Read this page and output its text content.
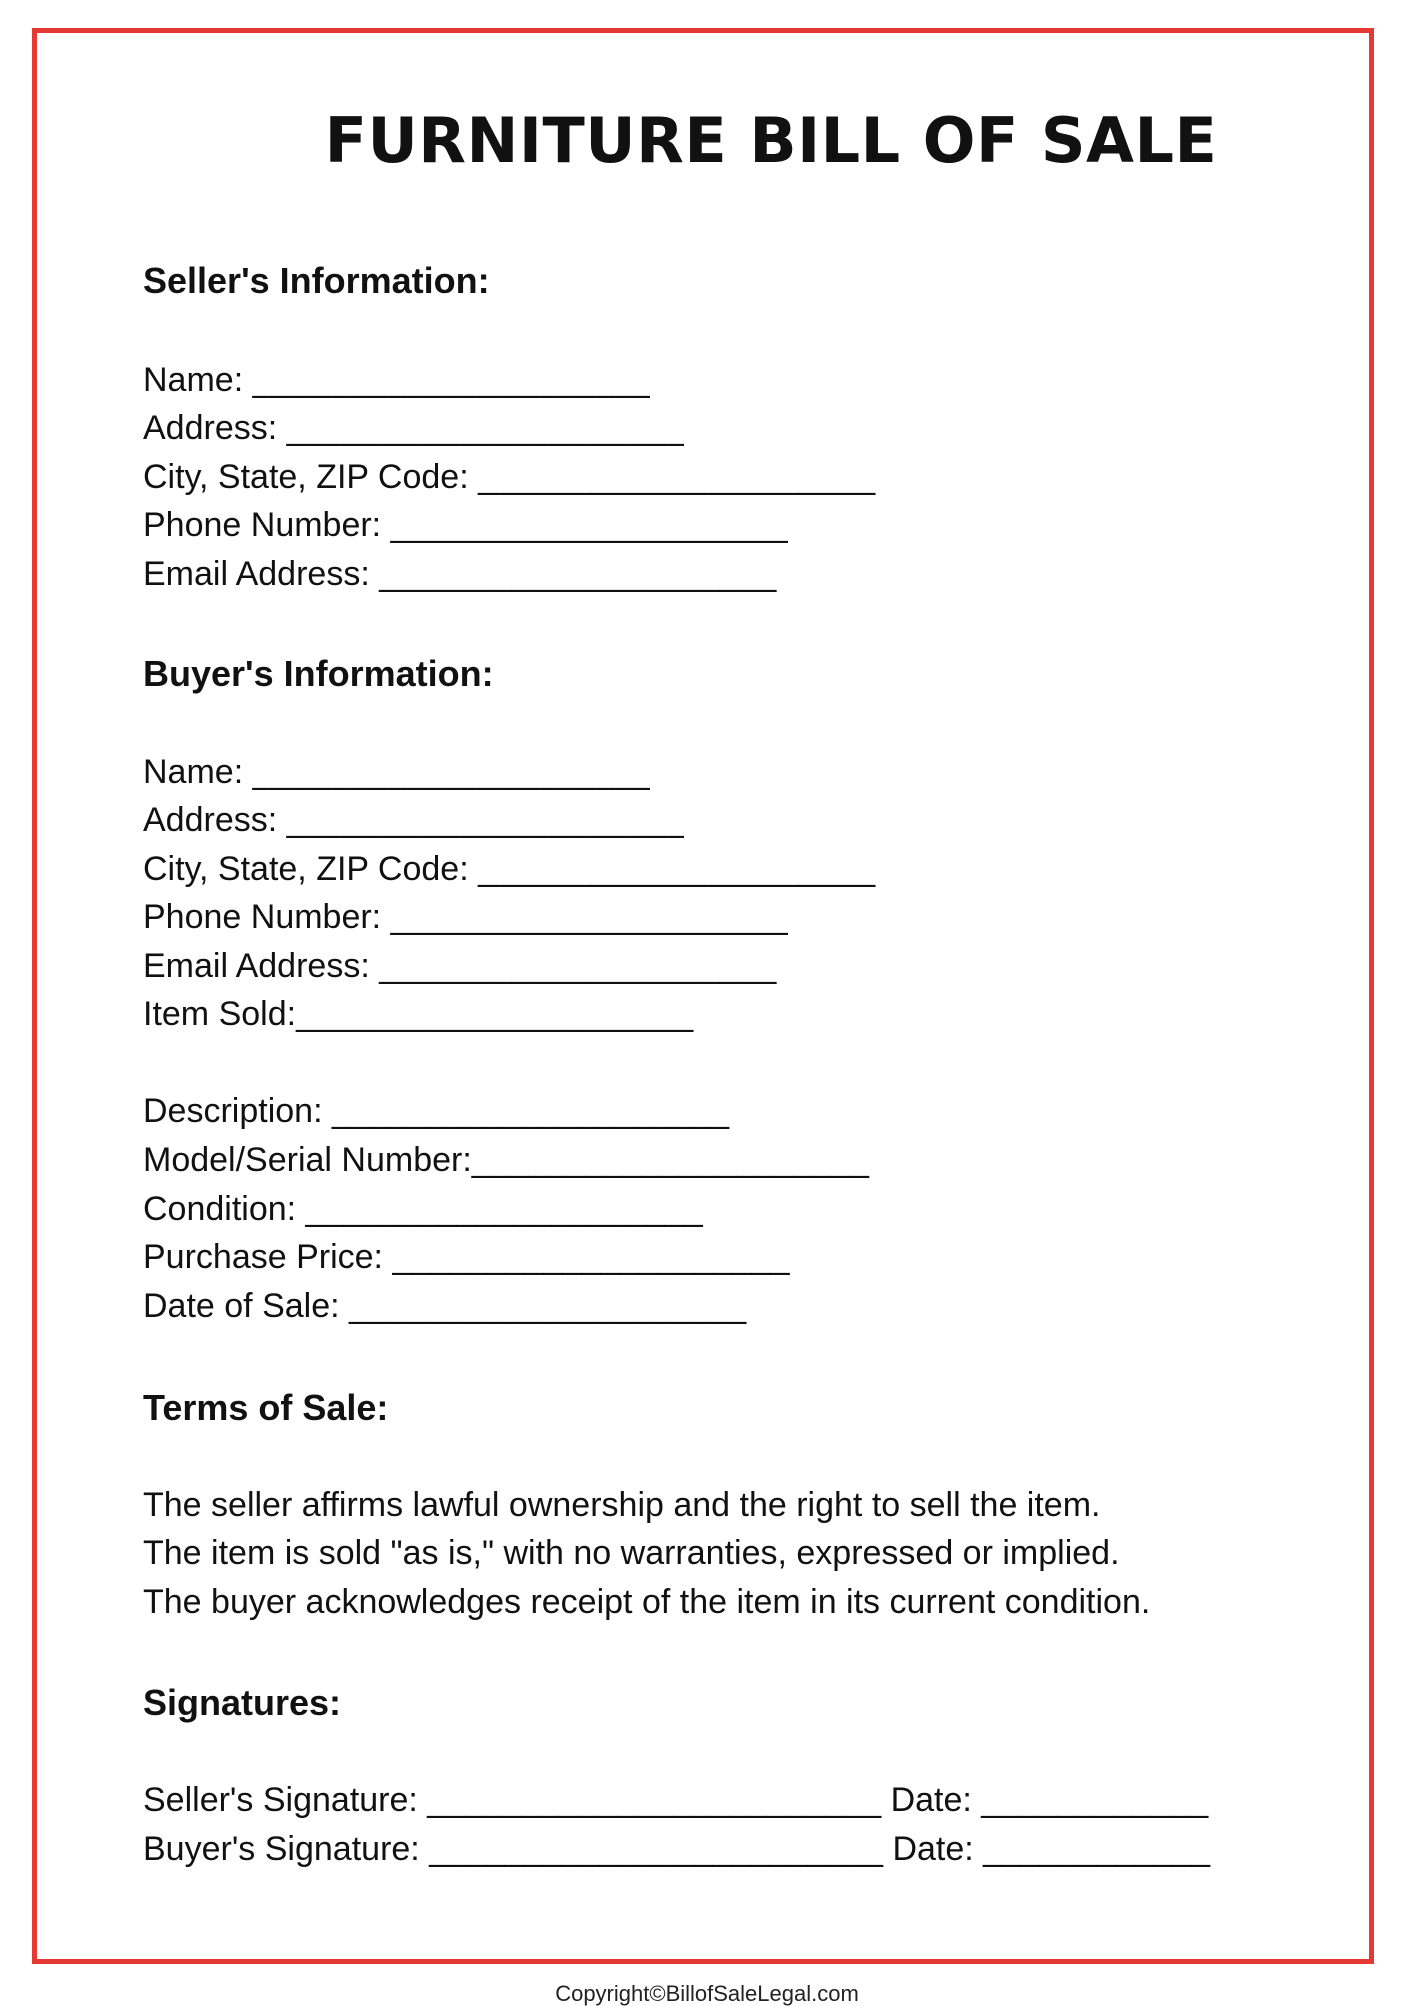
FURNITURE BILL OF SALE
Seller's Information:
Name: _____________________
Address: _____________________
City, State, ZIP Code: _____________________
Phone Number: _____________________
Email Address: _____________________
Buyer's Information:
Name: _____________________
Address: _____________________
City, State, ZIP Code: _____________________
Phone Number: _____________________
Email Address: _____________________
Item Sold:_____________________
Description: _____________________
Model/Serial Number:_____________________
Condition: _____________________
Purchase Price: _____________________
Date of Sale: _____________________
Terms of Sale:
The seller affirms lawful ownership and the right to sell the item.
The item is sold "as is," with no warranties, expressed or implied.
The buyer acknowledges receipt of the item in its current condition.
Signatures:
Seller's Signature: ________________________ Date: ____________
Buyer's Signature: ________________________ Date: ____________
Copyright©BillofSaleLegal.com
